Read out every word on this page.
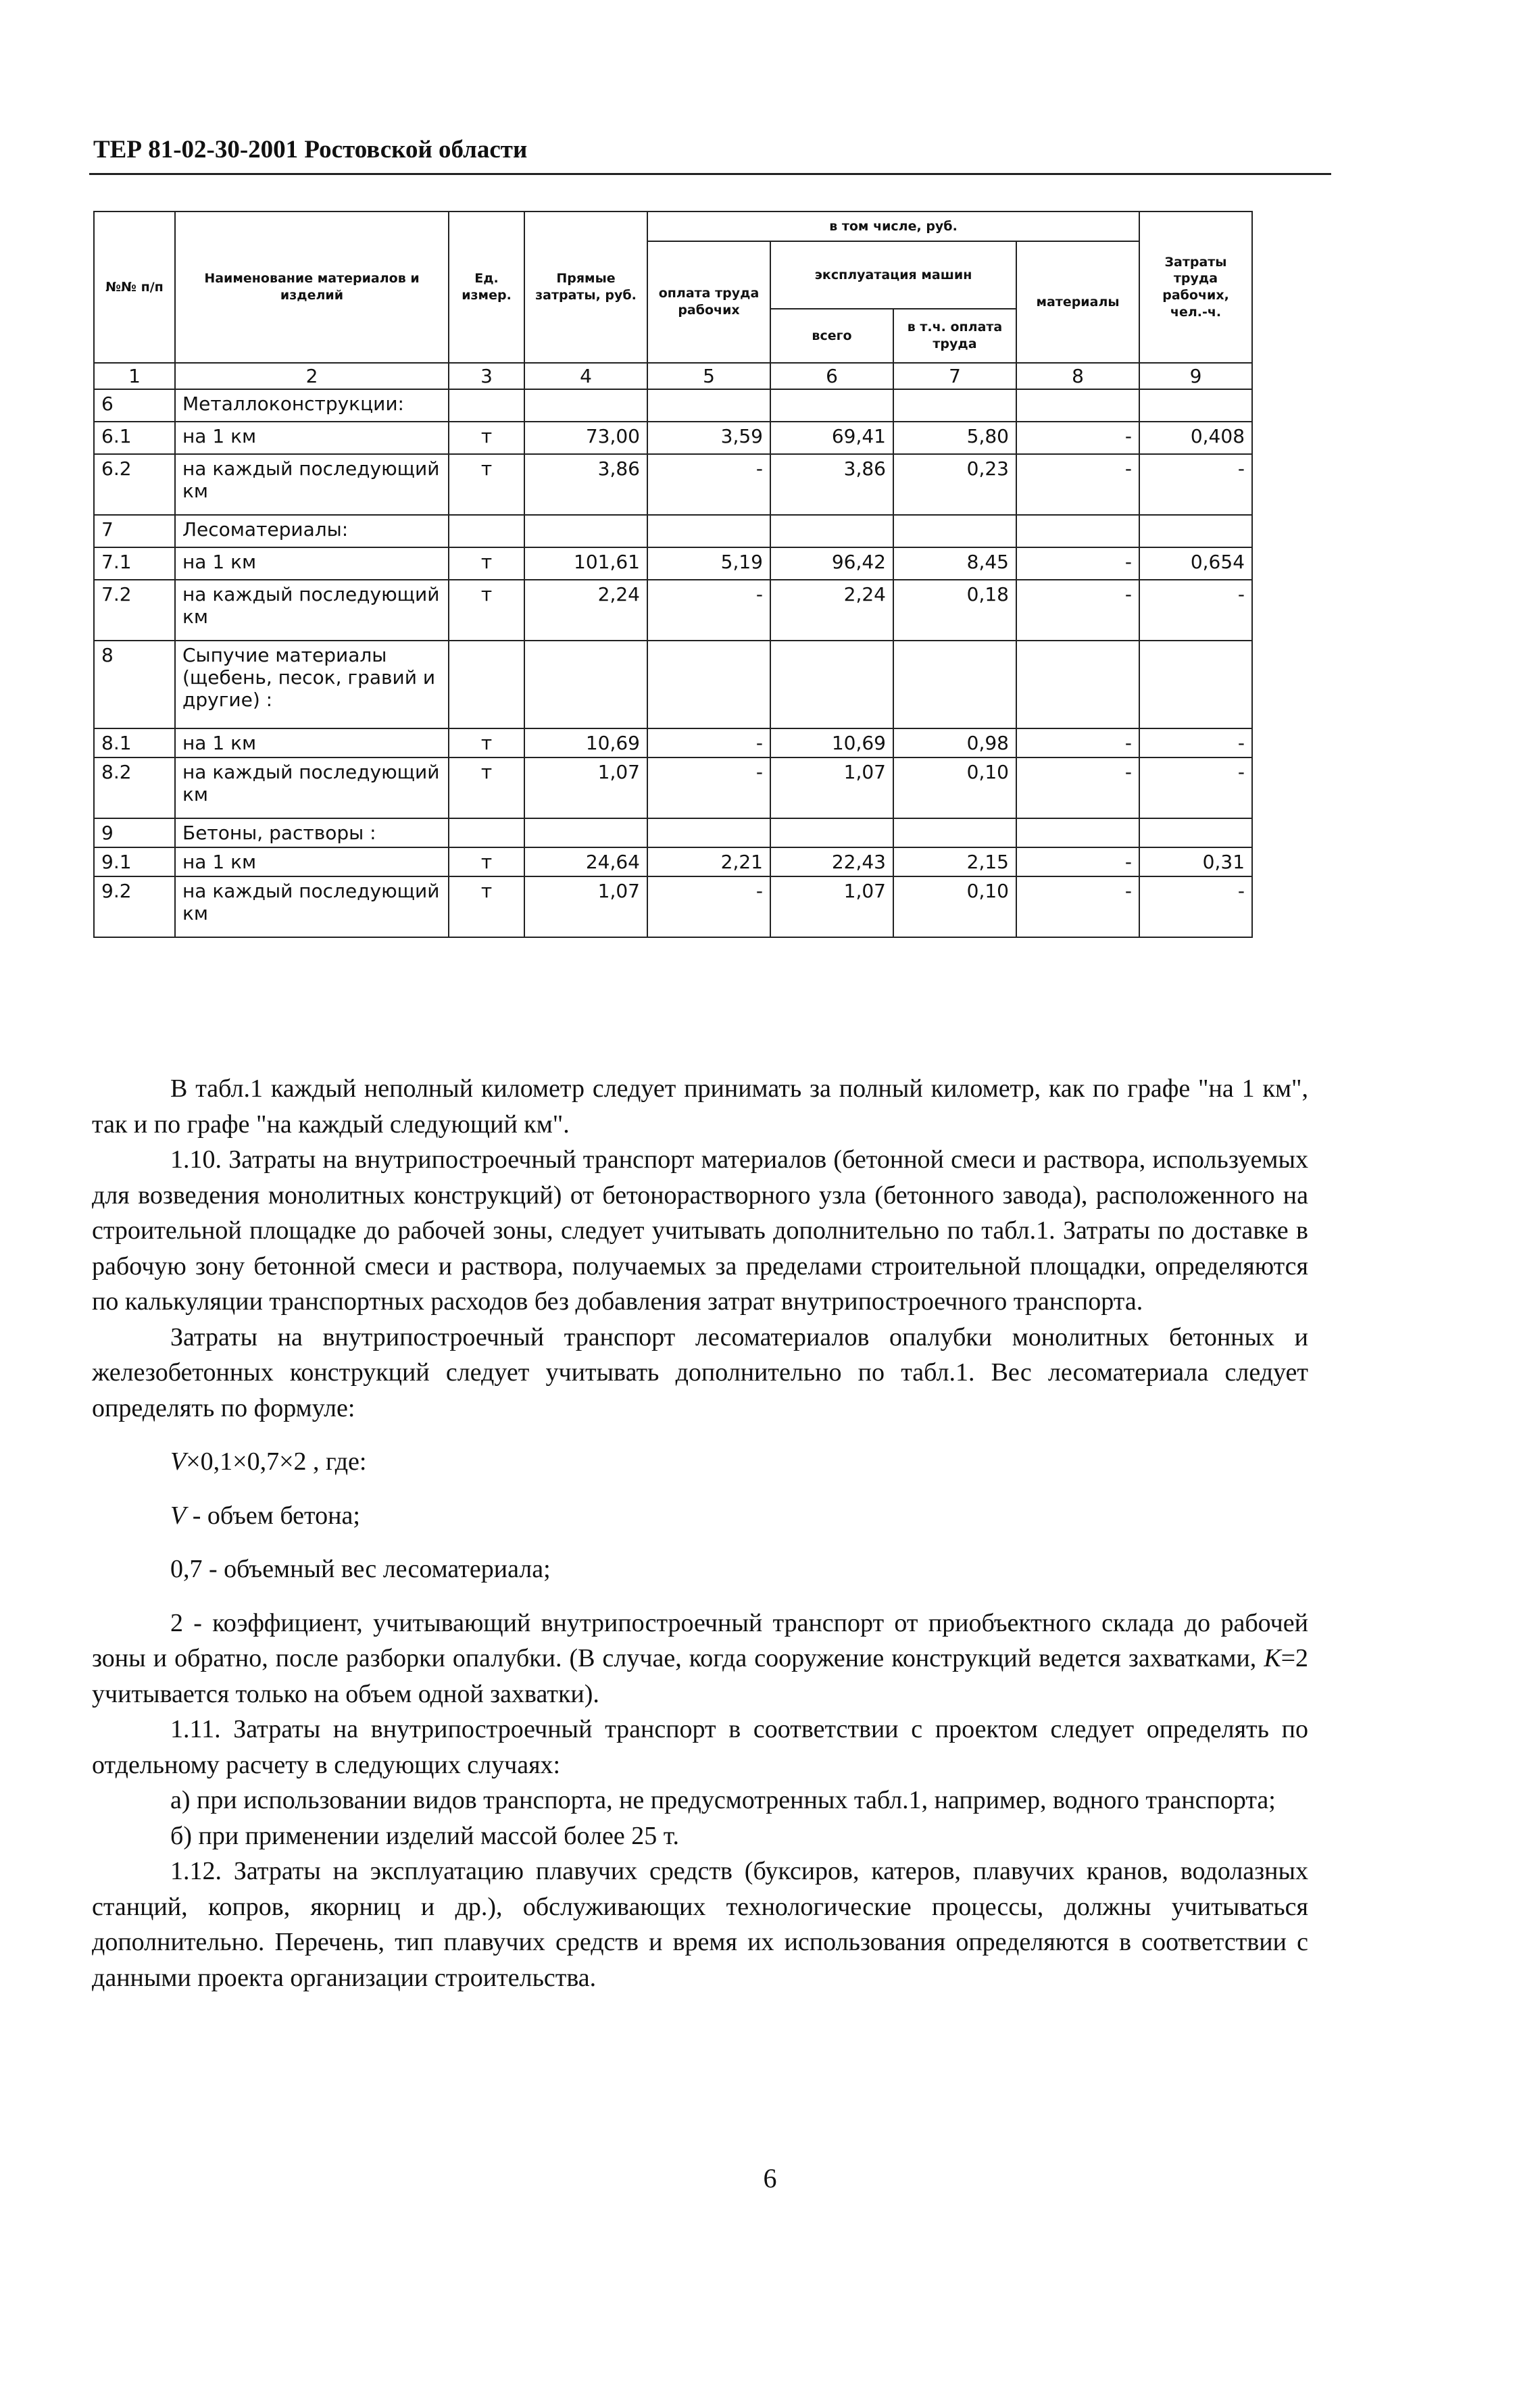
ТЕР 81-02-30-2001 Ростовской области
№№ п/п	Наименование материалов и изделий	Ед. измер.	Прямые затраты, руб.	в том числе, руб.				Затраты труда рабочих, чел.-ч.
				оплата труда рабочих	эксплуатация машин		материалы	
					всего	в т.ч. оплата труда		
1	2	3	4	5	6	7	8	9
6	Металлоконструкции:							
6.1	на 1 км	т	73,00	3,59	69,41	5,80	-	0,408
6.2	на каждый последующий км	т	3,86	-	3,86	0,23	-	-
7	Лесоматериалы:							
7.1	на 1 км	т	101,61	5,19	96,42	8,45	-	0,654
7.2	на каждый последующий км	т	2,24	-	2,24	0,18	-	-
8	Сыпучие материалы (щебень, песок, гравий и другие) :							
8.1	на 1 км	т	10,69	-	10,69	0,98	-	-
8.2	на каждый последующий км	т	1,07	-	1,07	0,10	-	-
9	Бетоны, растворы :							
9.1	на 1 км	т	24,64	2,21	22,43	2,15	-	0,31
9.2	на каждый последующий км	т	1,07	-	1,07	0,10	-	-

В табл.1 каждый неполный километр следует принимать за полный километр, как по графе "на 1 км", так и по графе "на каждый следующий км".

1.10. Затраты на внутрипостроечный транспорт материалов (бетонной смеси и раствора, используемых для возведения монолитных конструкций) от бетонорастворного узла (бетонного завода), расположенного на строительной площадке до рабочей зоны, следует учитывать дополнительно по табл.1. Затраты по доставке в рабочую зону бетонной смеси и раствора, получаемых за пределами строительной площадки, определяются по калькуляции транспортных расходов без добавления затрат внутрипостроечного транспорта.

Затраты на внутрипостроечный транспорт лесоматериалов опалубки монолитных бетонных и железобетонных конструкций следует учитывать дополнительно по табл.1. Вес лесоматериала следует определять по формуле:

V×0,1×0,7×2 , где:

V - объем бетона;

0,7 - объемный вес лесоматериала;

2 - коэффициент, учитывающий внутрипостроечный транспорт от приобъектного склада до рабочей зоны и обратно, после разборки опалубки. (В случае, когда сооружение конструкций ведется захватками, К=2 учитывается только на объем одной захватки).

1.11. Затраты на внутрипостроечный транспорт в соответствии с проектом следует определять по отдельному расчету в следующих случаях:

а) при использовании видов транспорта, не предусмотренных табл.1, например, водного транспорта;

б) при применении изделий массой более 25 т.

1.12. Затраты на эксплуатацию плавучих средств (буксиров, катеров, плавучих кранов, водолазных станций, копров, якорниц и др.), обслуживающих технологические процессы, должны учитываться дополнительно. Перечень, тип плавучих средств и время их использования определяются в соответствии с данными проекта организации строительства.

6
